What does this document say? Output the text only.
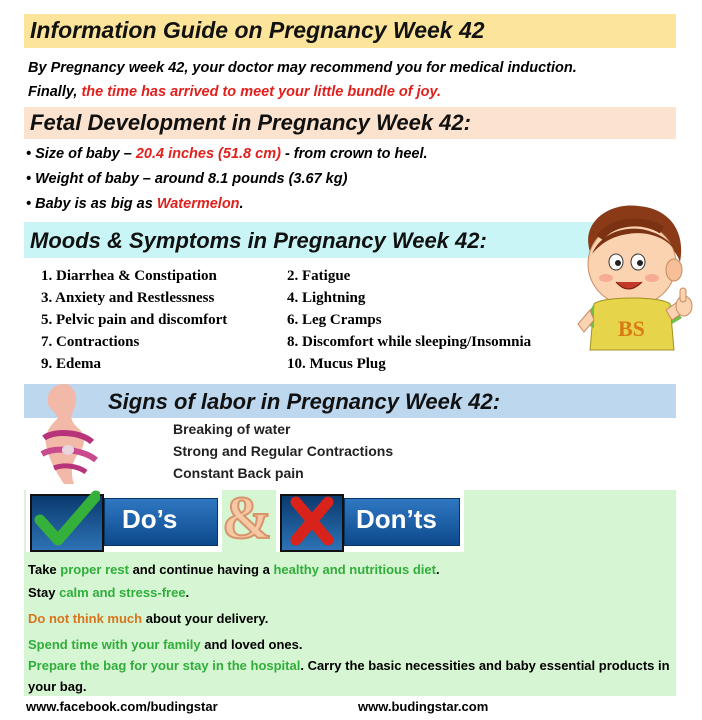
Information Guide on Pregnancy Week 42
By Pregnancy week 42, your doctor may recommend you for medical induction.
Finally, the time has arrived to meet your little bundle of joy.
Fetal Development in Pregnancy Week 42:
• Size of baby – 20.4 inches (51.8 cm) - from crown to heel.
• Weight of baby – around 8.1 pounds (3.67 kg)
• Baby is as big as Watermelon.
Moods & Symptoms in Pregnancy Week 42:
1. Diarrhea & Constipation
3. Anxiety and Restlessness
5. Pelvic pain and discomfort
7. Contractions
9. Edema
2. Fatigue
4. Lightning
6. Leg Cramps
8. Discomfort while sleeping/Insomnia
10. Mucus Plug
BS
Signs of labor in Pregnancy Week 42:
Breaking of water
Strong and Regular Contractions
Constant Back pain
Do’s &	Don’ts
Take proper rest and continue having a healthy and nutritious diet.
Stay calm and stress-free.
Do not think much about your delivery.
Spend time with your family and loved ones.
Prepare the bag for your stay in the hospital. Carry the basic necessities and baby essential products in
your bag.
www.facebook.com/budingstar	www.budingstar.com
